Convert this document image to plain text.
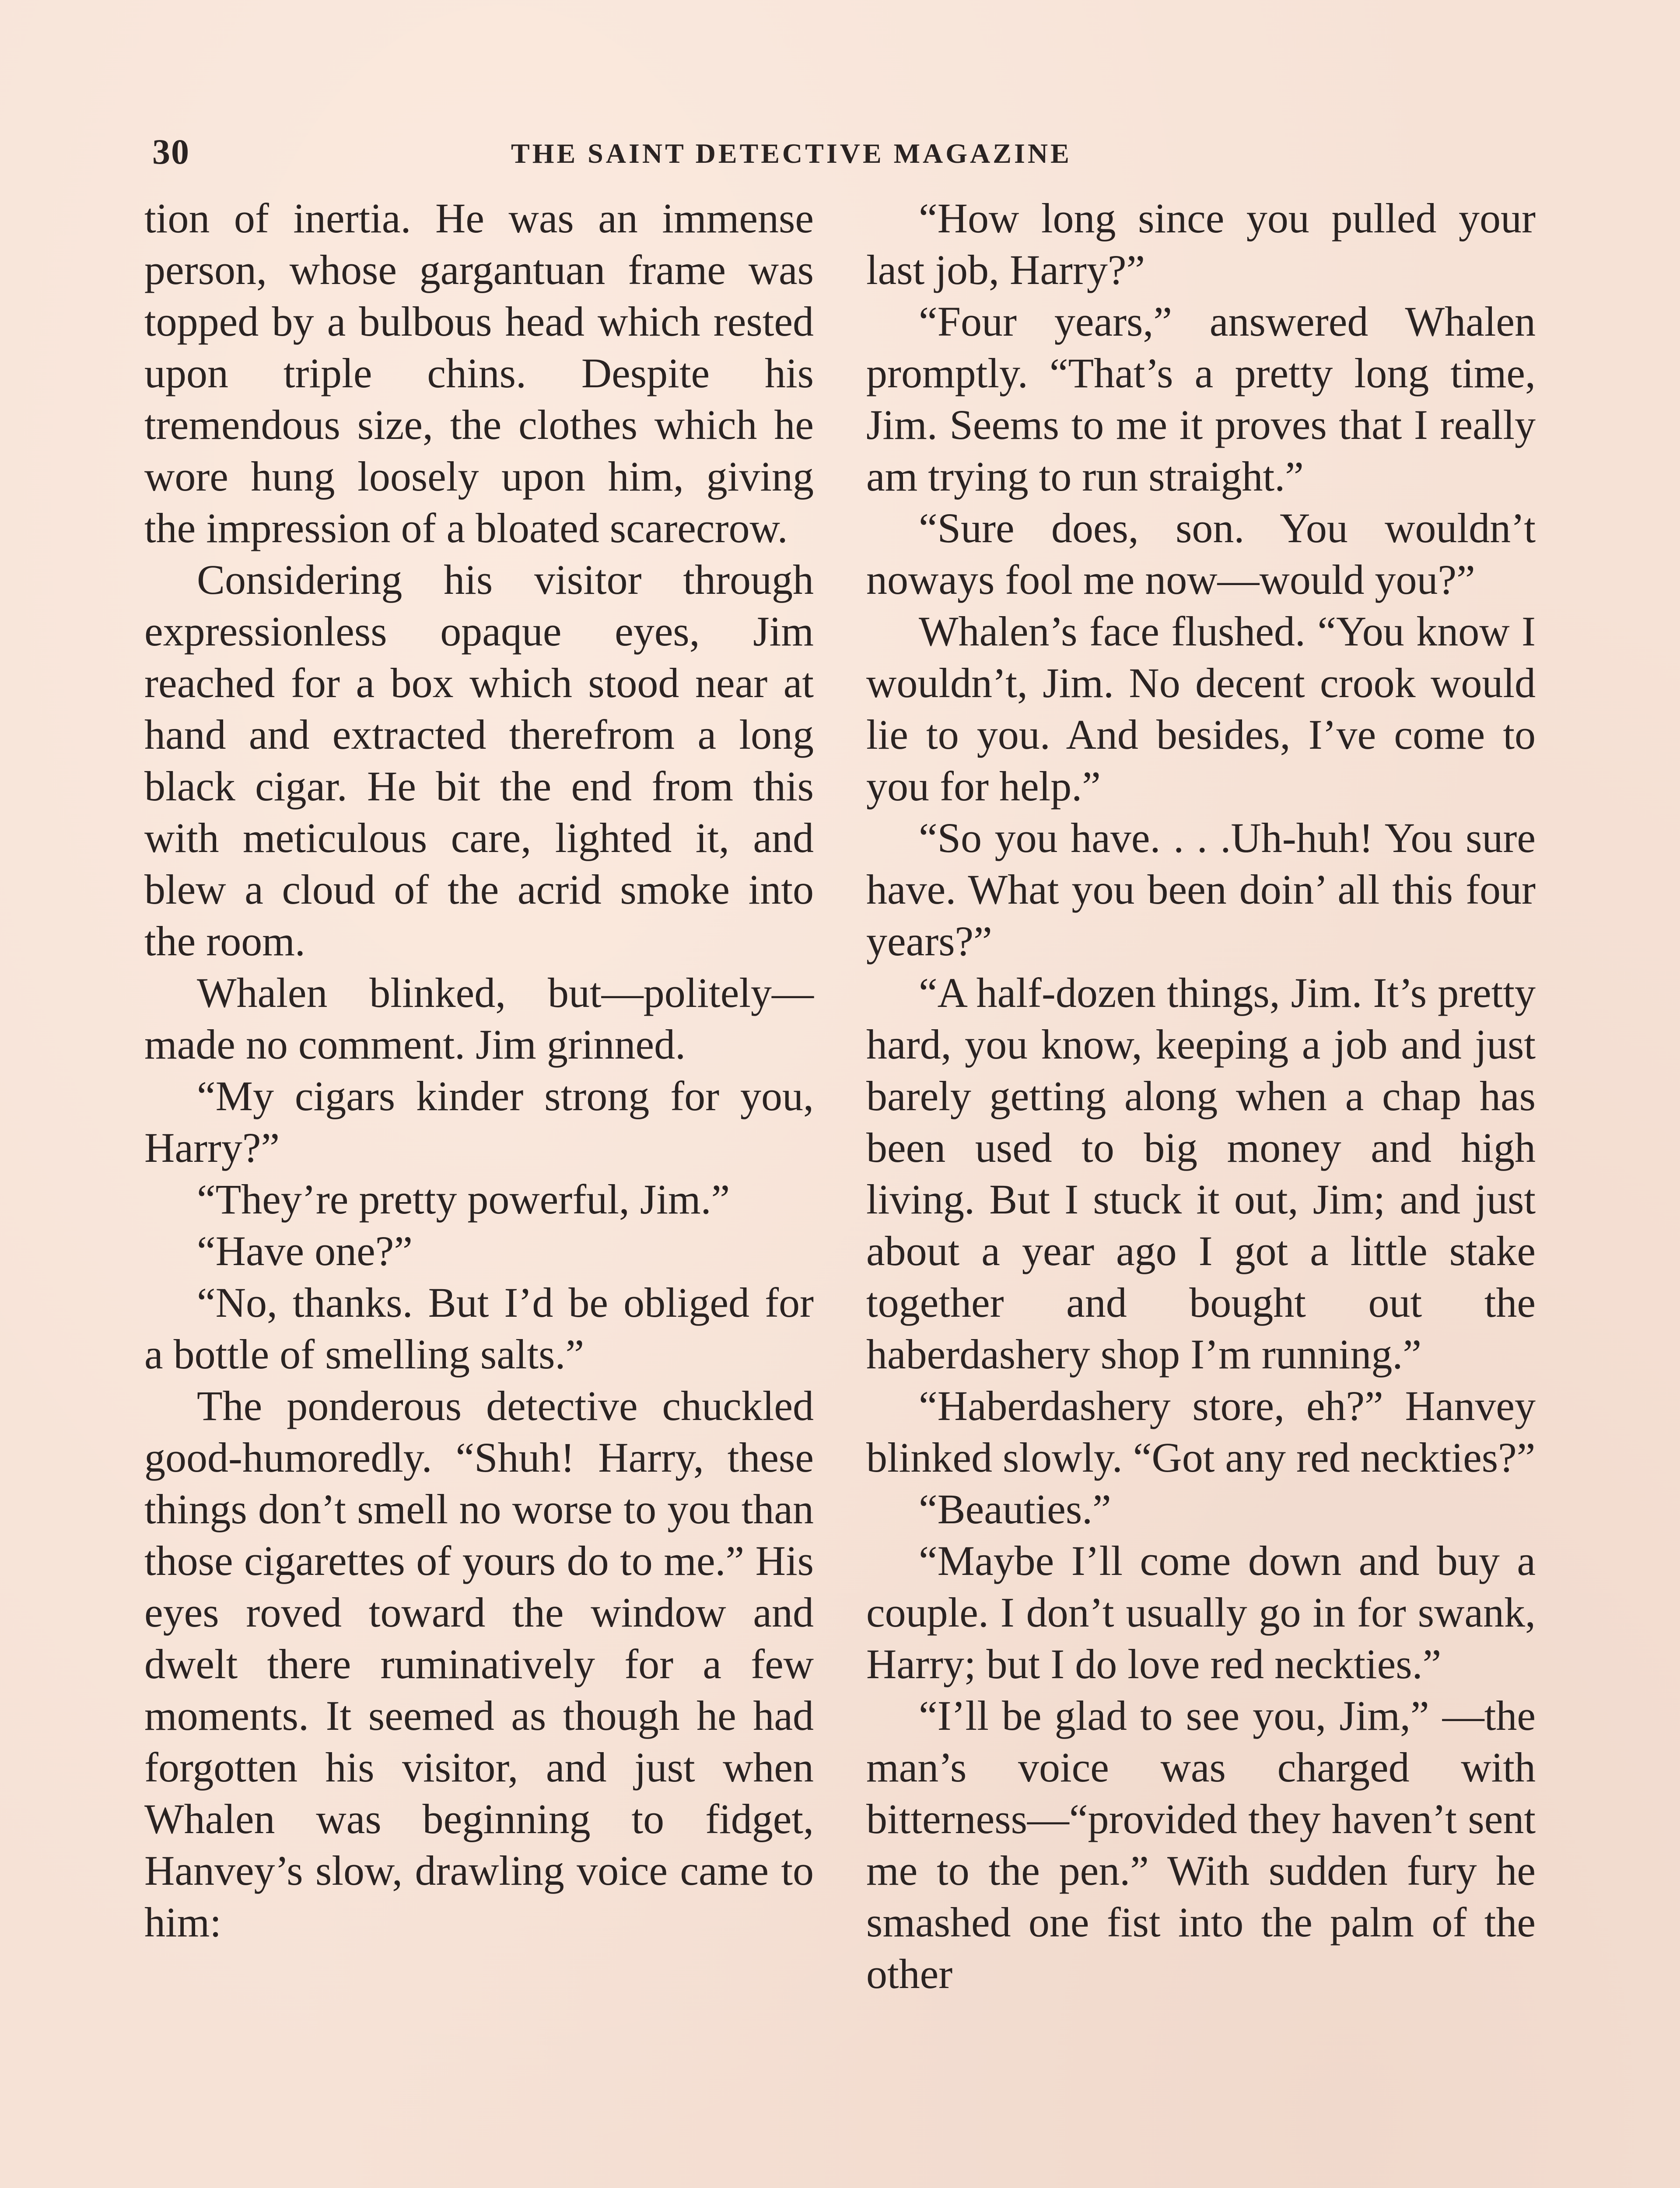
30	THE SAINT DETECTIVE MAGAZINE

tion of inertia. He was an immense person, whose gargantuan frame was topped by a bulbous head which rested upon triple chins. Despite his tremendous size, the clothes which he wore hung loosely upon him, giving the impression of a bloated scarecrow.

Considering his visitor through expressionless opaque eyes, Jim reached for a box which stood near at hand and extracted therefrom a long black cigar. He bit the end from this with meticulous care, lighted it, and blew a cloud of the acrid smoke into the room.

Whalen blinked, but—politely—made no comment. Jim grinned.

“My cigars kinder strong for you, Harry?”

“They’re pretty powerful, Jim.”

“Have one?”

“No, thanks. But I’d be obliged for a bottle of smelling salts.”

The ponderous detective chuckled good-humoredly. “Shuh! Harry, these things don’t smell no worse to you than those cigarettes of yours do to me.” His eyes roved toward the window and dwelt there ruminatively for a few moments. It seemed as though he had forgotten his visitor, and just when Whalen was beginning to fidget, Hanvey’s slow, drawling voice came to him:

“How long since you pulled your last job, Harry?”

“Four years,” answered Whalen promptly. “That’s a pretty long time, Jim. Seems to me it proves that I really am trying to run straight.”

“Sure does, son. You wouldn’t noways fool me now—would you?”

Whalen’s face flushed. “You know I wouldn’t, Jim. No decent crook would lie to you. And besides, I’ve come to you for help.”

“So you have. . . .Uh-huh! You sure have. What you been doin’ all this four years?”

“A half-dozen things, Jim. It’s pretty hard, you know, keeping a job and just barely getting along when a chap has been used to big money and high living. But I stuck it out, Jim; and just about a year ago I got a little stake together and bought out the haberdashery shop I’m running.”

“Haberdashery store, eh?” Hanvey blinked slowly. “Got any red neckties?”

“Beauties.”

“Maybe I’ll come down and buy a couple. I don’t usually go in for swank, Harry; but I do love red neckties.”

“I’ll be glad to see you, Jim,” —the man’s voice was charged with bitterness—“provided they haven’t sent me to the pen.” With sudden fury he smashed one fist into the palm of the other
